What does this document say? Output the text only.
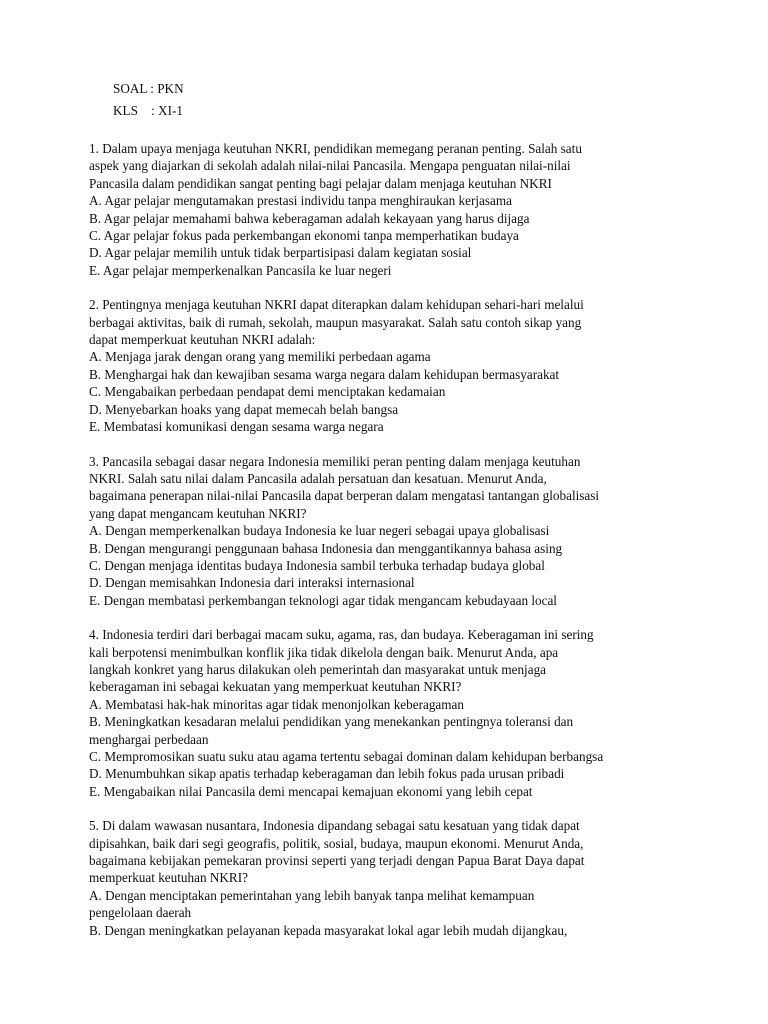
SOAL : PKN
KLS    : XI-1
1. Dalam upaya menjaga keutuhan NKRI, pendidikan memegang peranan penting. Salah satu
aspek yang diajarkan di sekolah adalah nilai-nilai Pancasila. Mengapa penguatan nilai-nilai
Pancasila dalam pendidikan sangat penting bagi pelajar dalam menjaga keutuhan NKRI
A. Agar pelajar mengutamakan prestasi individu tanpa menghiraukan kerjasama
B. Agar pelajar memahami bahwa keberagaman adalah kekayaan yang harus dijaga
C. Agar pelajar fokus pada perkembangan ekonomi tanpa memperhatikan budaya
D. Agar pelajar memilih untuk tidak berpartisipasi dalam kegiatan sosial
E. Agar pelajar memperkenalkan Pancasila ke luar negeri
2. Pentingnya menjaga keutuhan NKRI dapat diterapkan dalam kehidupan sehari-hari melalui
berbagai aktivitas, baik di rumah, sekolah, maupun masyarakat. Salah satu contoh sikap yang
dapat memperkuat keutuhan NKRI adalah:
A. Menjaga jarak dengan orang yang memiliki perbedaan agama
B. Menghargai hak dan kewajiban sesama warga negara dalam kehidupan bermasyarakat
C. Mengabaikan perbedaan pendapat demi menciptakan kedamaian
D. Menyebarkan hoaks yang dapat memecah belah bangsa
E. Membatasi komunikasi dengan sesama warga negara
3. Pancasila sebagai dasar negara Indonesia memiliki peran penting dalam menjaga keutuhan
NKRI. Salah satu nilai dalam Pancasila adalah persatuan dan kesatuan. Menurut Anda,
bagaimana penerapan nilai-nilai Pancasila dapat berperan dalam mengatasi tantangan globalisasi
yang dapat mengancam keutuhan NKRI?
A. Dengan memperkenalkan budaya Indonesia ke luar negeri sebagai upaya globalisasi
B. Dengan mengurangi penggunaan bahasa Indonesia dan menggantikannya bahasa asing
C. Dengan menjaga identitas budaya Indonesia sambil terbuka terhadap budaya global
D. Dengan memisahkan Indonesia dari interaksi internasional
E. Dengan membatasi perkembangan teknologi agar tidak mengancam kebudayaan local
4. Indonesia terdiri dari berbagai macam suku, agama, ras, dan budaya. Keberagaman ini sering
kali berpotensi menimbulkan konflik jika tidak dikelola dengan baik. Menurut Anda, apa
langkah konkret yang harus dilakukan oleh pemerintah dan masyarakat untuk menjaga
keberagaman ini sebagai kekuatan yang memperkuat keutuhan NKRI?
A. Membatasi hak-hak minoritas agar tidak menonjolkan keberagaman
B. Meningkatkan kesadaran melalui pendidikan yang menekankan pentingnya toleransi dan
menghargai perbedaan
C. Mempromosikan suatu suku atau agama tertentu sebagai dominan dalam kehidupan berbangsa
D. Menumbuhkan sikap apatis terhadap keberagaman dan lebih fokus pada urusan pribadi
E. Mengabaikan nilai Pancasila demi mencapai kemajuan ekonomi yang lebih cepat
5. Di dalam wawasan nusantara, Indonesia dipandang sebagai satu kesatuan yang tidak dapat
dipisahkan, baik dari segi geografis, politik, sosial, budaya, maupun ekonomi. Menurut Anda,
bagaimana kebijakan pemekaran provinsi seperti yang terjadi dengan Papua Barat Daya dapat
memperkuat keutuhan NKRI?
A. Dengan menciptakan pemerintahan yang lebih banyak tanpa melihat kemampuan
pengelolaan daerah
B. Dengan meningkatkan pelayanan kepada masyarakat lokal agar lebih mudah dijangkau,
